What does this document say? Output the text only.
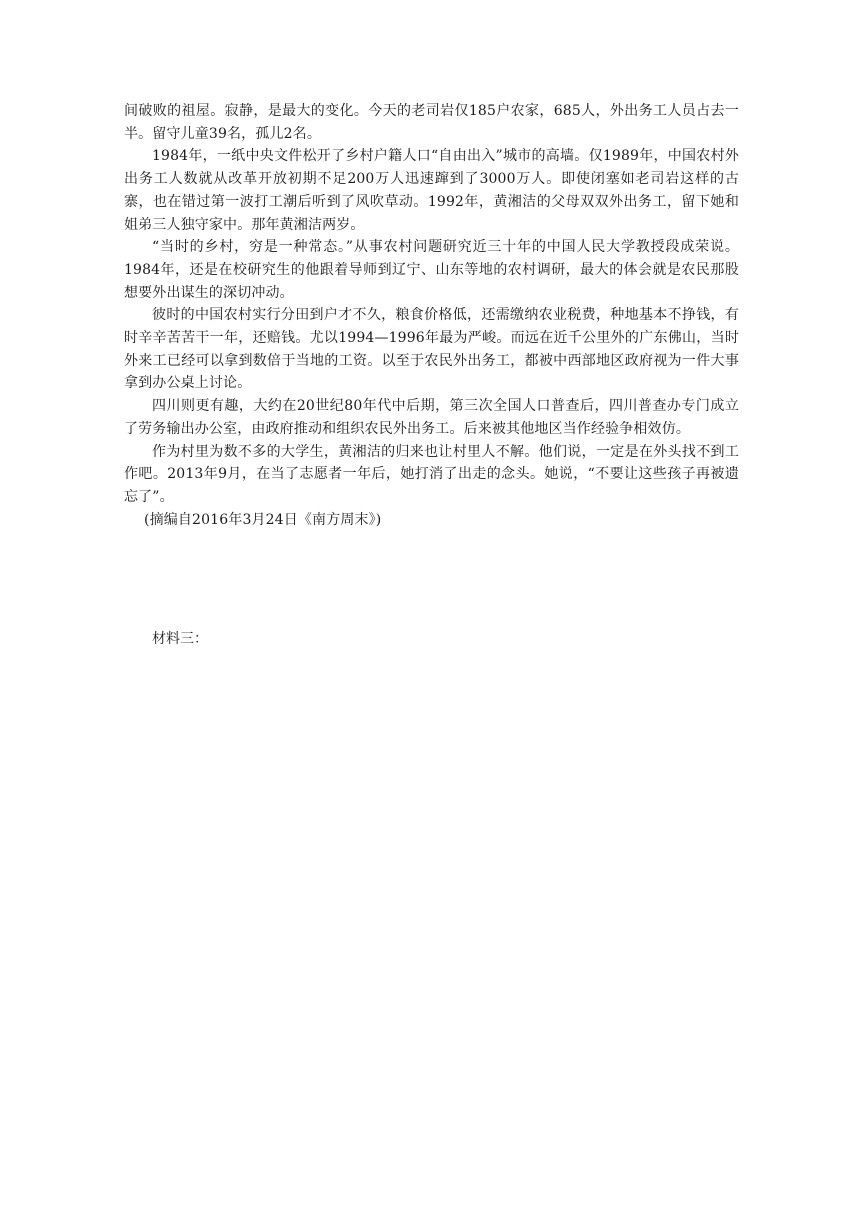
间破败的祖屋。寂静，是最大的变化。今天的老司岩仅185户农家，685人，外出务工人员占去一半。留守儿童39名，孤儿2名。

1984年，一纸中央文件松开了乡村户籍人口“自由出入”城市的高墙。仅1989年，中国农村外出务工人数就从改革开放初期不足200万人迅速蹿到了3000万人。即使闭塞如老司岩这样的古寨，也在错过第一波打工潮后听到了风吹草动。1992年，黄湘洁的父母双双外出务工，留下她和姐弟三人独守家中。那年黄湘洁两岁。

“当时的乡村，穷是一种常态。”从事农村问题研究近三十年的中国人民大学教授段成荣说。1984年，还是在校研究生的他跟着导师到辽宁、山东等地的农村调研，最大的体会就是农民那股想要外出谋生的深切冲动。

彼时的中国农村实行分田到户才不久，粮食价格低，还需缴纳农业税费，种地基本不挣钱，有时辛辛苦苦干一年，还赔钱。尤以1994—1996年最为严峻。而远在近千公里外的广东佛山，当时外来工已经可以拿到数倍于当地的工资。以至于农民外出务工，都被中西部地区政府视为一件大事拿到办公桌上讨论。

四川则更有趣，大约在20世纪80年代中后期，第三次全国人口普查后，四川普查办专门成立了劳务输出办公室，由政府推动和组织农民外出务工。后来被其他地区当作经验争相效仿。

作为村里为数不多的大学生，黄湘洁的归来也让村里人不解。他们说，一定是在外头找不到工作吧。2013年9月，在当了志愿者一年后，她打消了出走的念头。她说，“不要让这些孩子再被遗忘了”。

(摘编自2016年3月24日《南方周末》)

材料三：
